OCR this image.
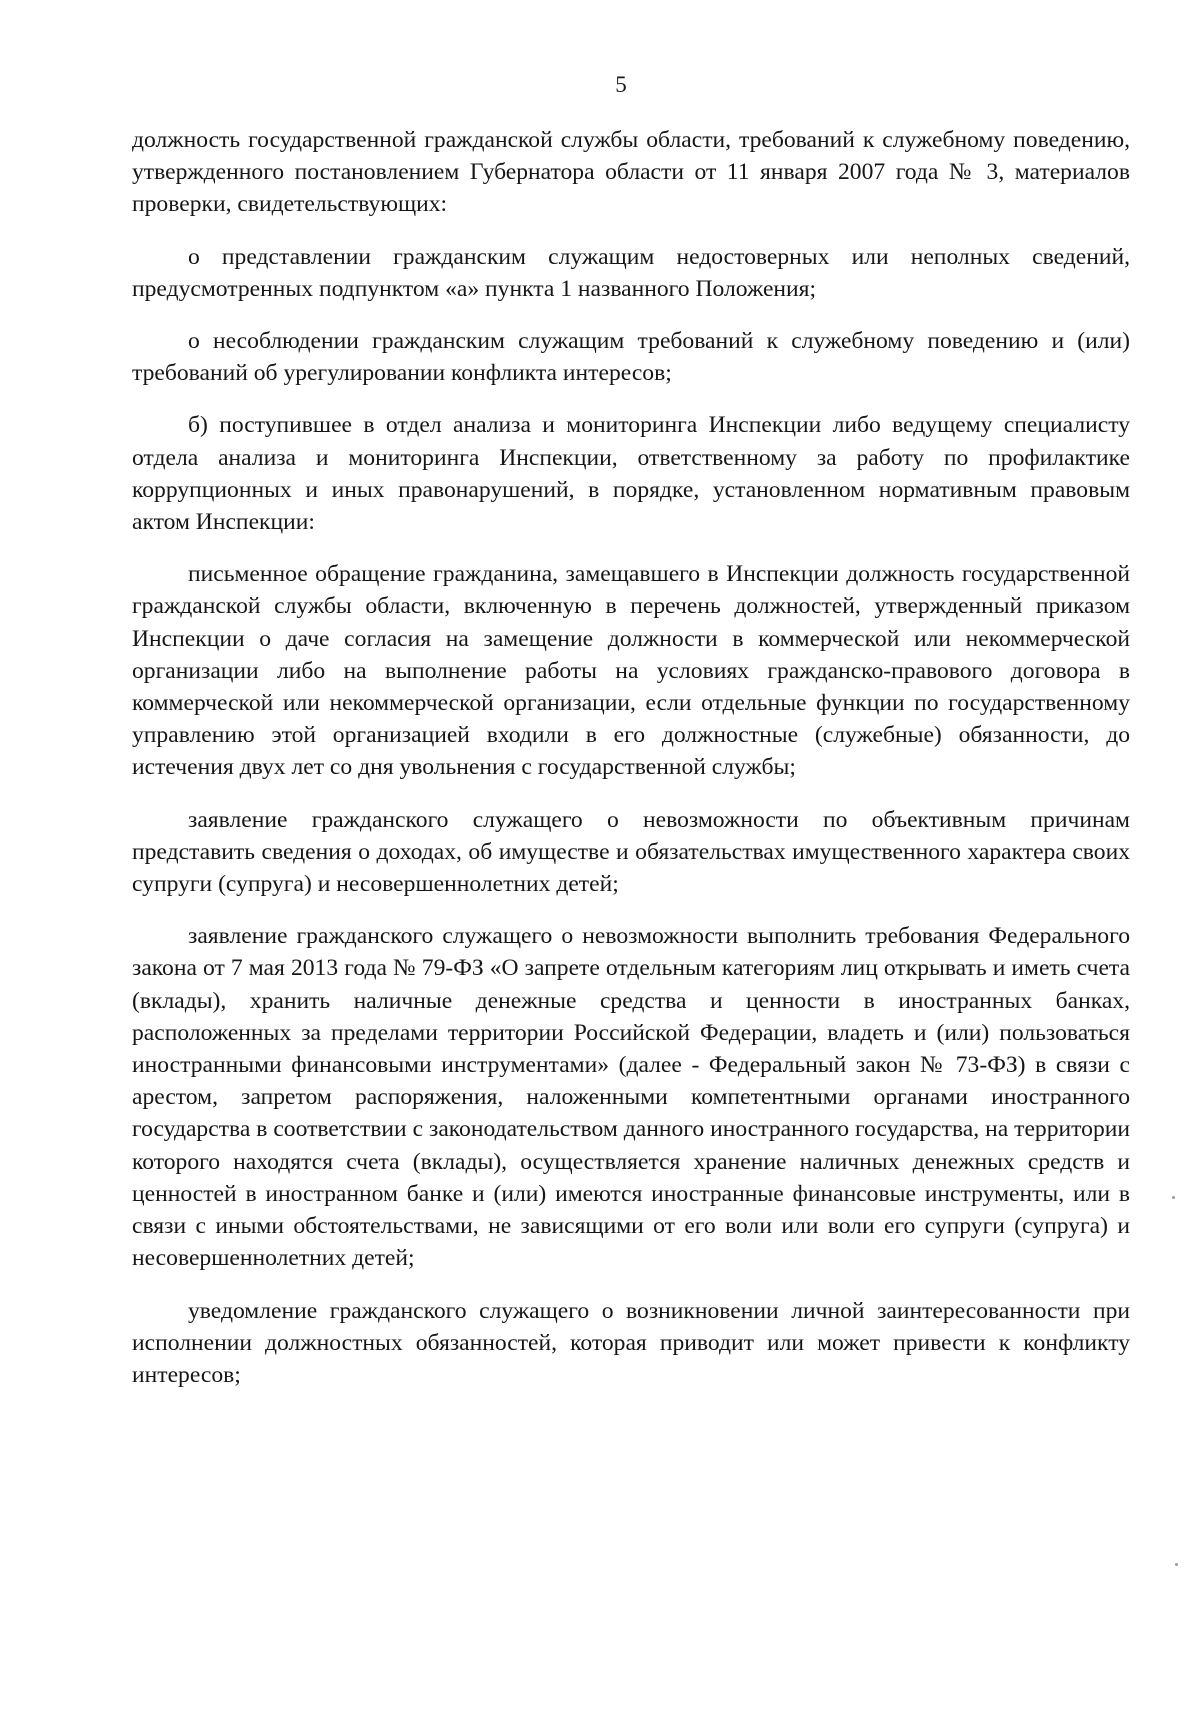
5

должность государственной гражданской службы области, требований к служебному поведению, утвержденного постановлением Губернатора области от 11 января 2007 года № 3, материалов проверки, свидетельствующих:

о представлении гражданским служащим недостоверных или неполных сведений, предусмотренных подпунктом «а» пункта 1 названного Положения;

о несоблюдении гражданским служащим требований к служебному поведению и (или) требований об урегулировании конфликта интересов;

б) поступившее в отдел анализа и мониторинга Инспекции либо ведущему специалисту отдела анализа и мониторинга Инспекции, ответственному за работу по профилактике коррупционных и иных правонарушений, в порядке, установленном нормативным правовым актом Инспекции:

письменное обращение гражданина, замещавшего в Инспекции должность государственной гражданской службы области, включенную в перечень должностей, утвержденный приказом Инспекции о даче согласия на замещение должности в коммерческой или некоммерческой организации либо на выполнение работы на условиях гражданско-правового договора в коммерческой или некоммерческой организации, если отдельные функции по государственному управлению этой организацией входили в его должностные (служебные) обязанности, до истечения двух лет со дня увольнения с государственной службы;

заявление гражданского служащего о невозможности по объективным причинам представить сведения о доходах, об имуществе и обязательствах имущественного характера своих супруги (супруга) и несовершеннолетних детей;

заявление гражданского служащего о невозможности выполнить требования Федерального закона от 7 мая 2013 года № 79-ФЗ «О запрете отдельным категориям лиц открывать и иметь счета (вклады), хранить наличные денежные средства и ценности в иностранных банках, расположенных за пределами территории Российской Федерации, владеть и (или) пользоваться иностранными финансовыми инструментами» (далее - Федеральный закон № 73-ФЗ) в связи с арестом, запретом распоряжения, наложенными компетентными органами иностранного государства в соответствии с законодательством данного иностранного государства, на территории которого находятся счета (вклады), осуществляется хранение наличных денежных средств и ценностей в иностранном банке и (или) имеются иностранные финансовые инструменты, или в связи с иными обстоятельствами, не зависящими от его воли или воли его супруги (супруга) и несовершеннолетних детей;

уведомление гражданского служащего о возникновении личной заинтересованности при исполнении должностных обязанностей, которая приводит или может привести к конфликту интересов;
